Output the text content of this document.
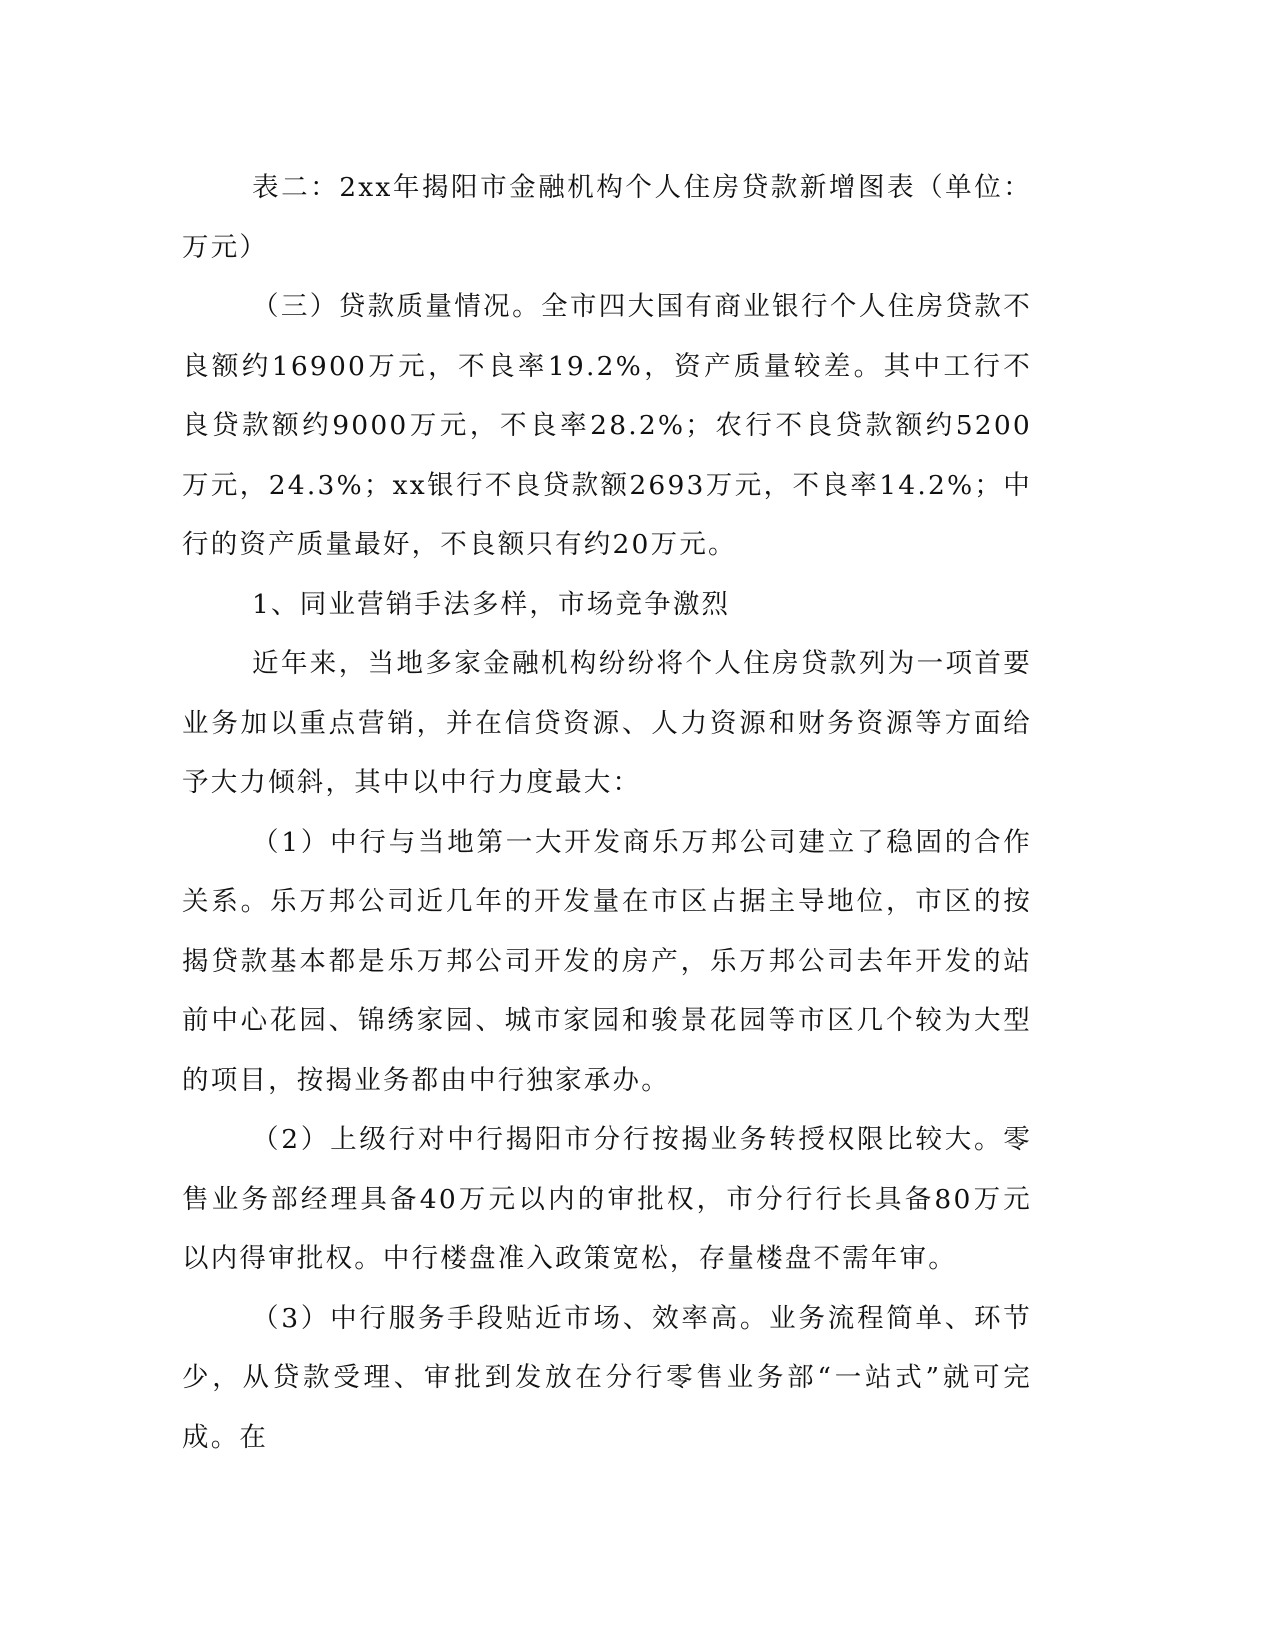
表二：2xx年揭阳市金融机构个人住房贷款新增图表（单位：万元）

（三）贷款质量情况。全市四大国有商业银行个人住房贷款不良额约16900万元，不良率19.2%，资产质量较差。其中工行不良贷款额约9000万元，不良率28.2%；农行不良贷款额约5200万元，24.3%；xx银行不良贷款额2693万元，不良率14.2%；中行的资产质量最好，不良额只有约20万元。

1、同业营销手法多样，市场竞争激烈

近年来，当地多家金融机构纷纷将个人住房贷款列为一项首要业务加以重点营销，并在信贷资源、人力资源和财务资源等方面给予大力倾斜，其中以中行力度最大：

（1）中行与当地第一大开发商乐万邦公司建立了稳固的合作关系。乐万邦公司近几年的开发量在市区占据主导地位，市区的按揭贷款基本都是乐万邦公司开发的房产，乐万邦公司去年开发的站前中心花园、锦绣家园、城市家园和骏景花园等市区几个较为大型的项目，按揭业务都由中行独家承办。

（2）上级行对中行揭阳市分行按揭业务转授权限比较大。零售业务部经理具备40万元以内的审批权，市分行行长具备80万元以内得审批权。中行楼盘准入政策宽松，存量楼盘不需年审。

（3）中行服务手段贴近市场、效率高。业务流程简单、环节少，从贷款受理、审批到发放在分行零售业务部“一站式”就可完成。在
